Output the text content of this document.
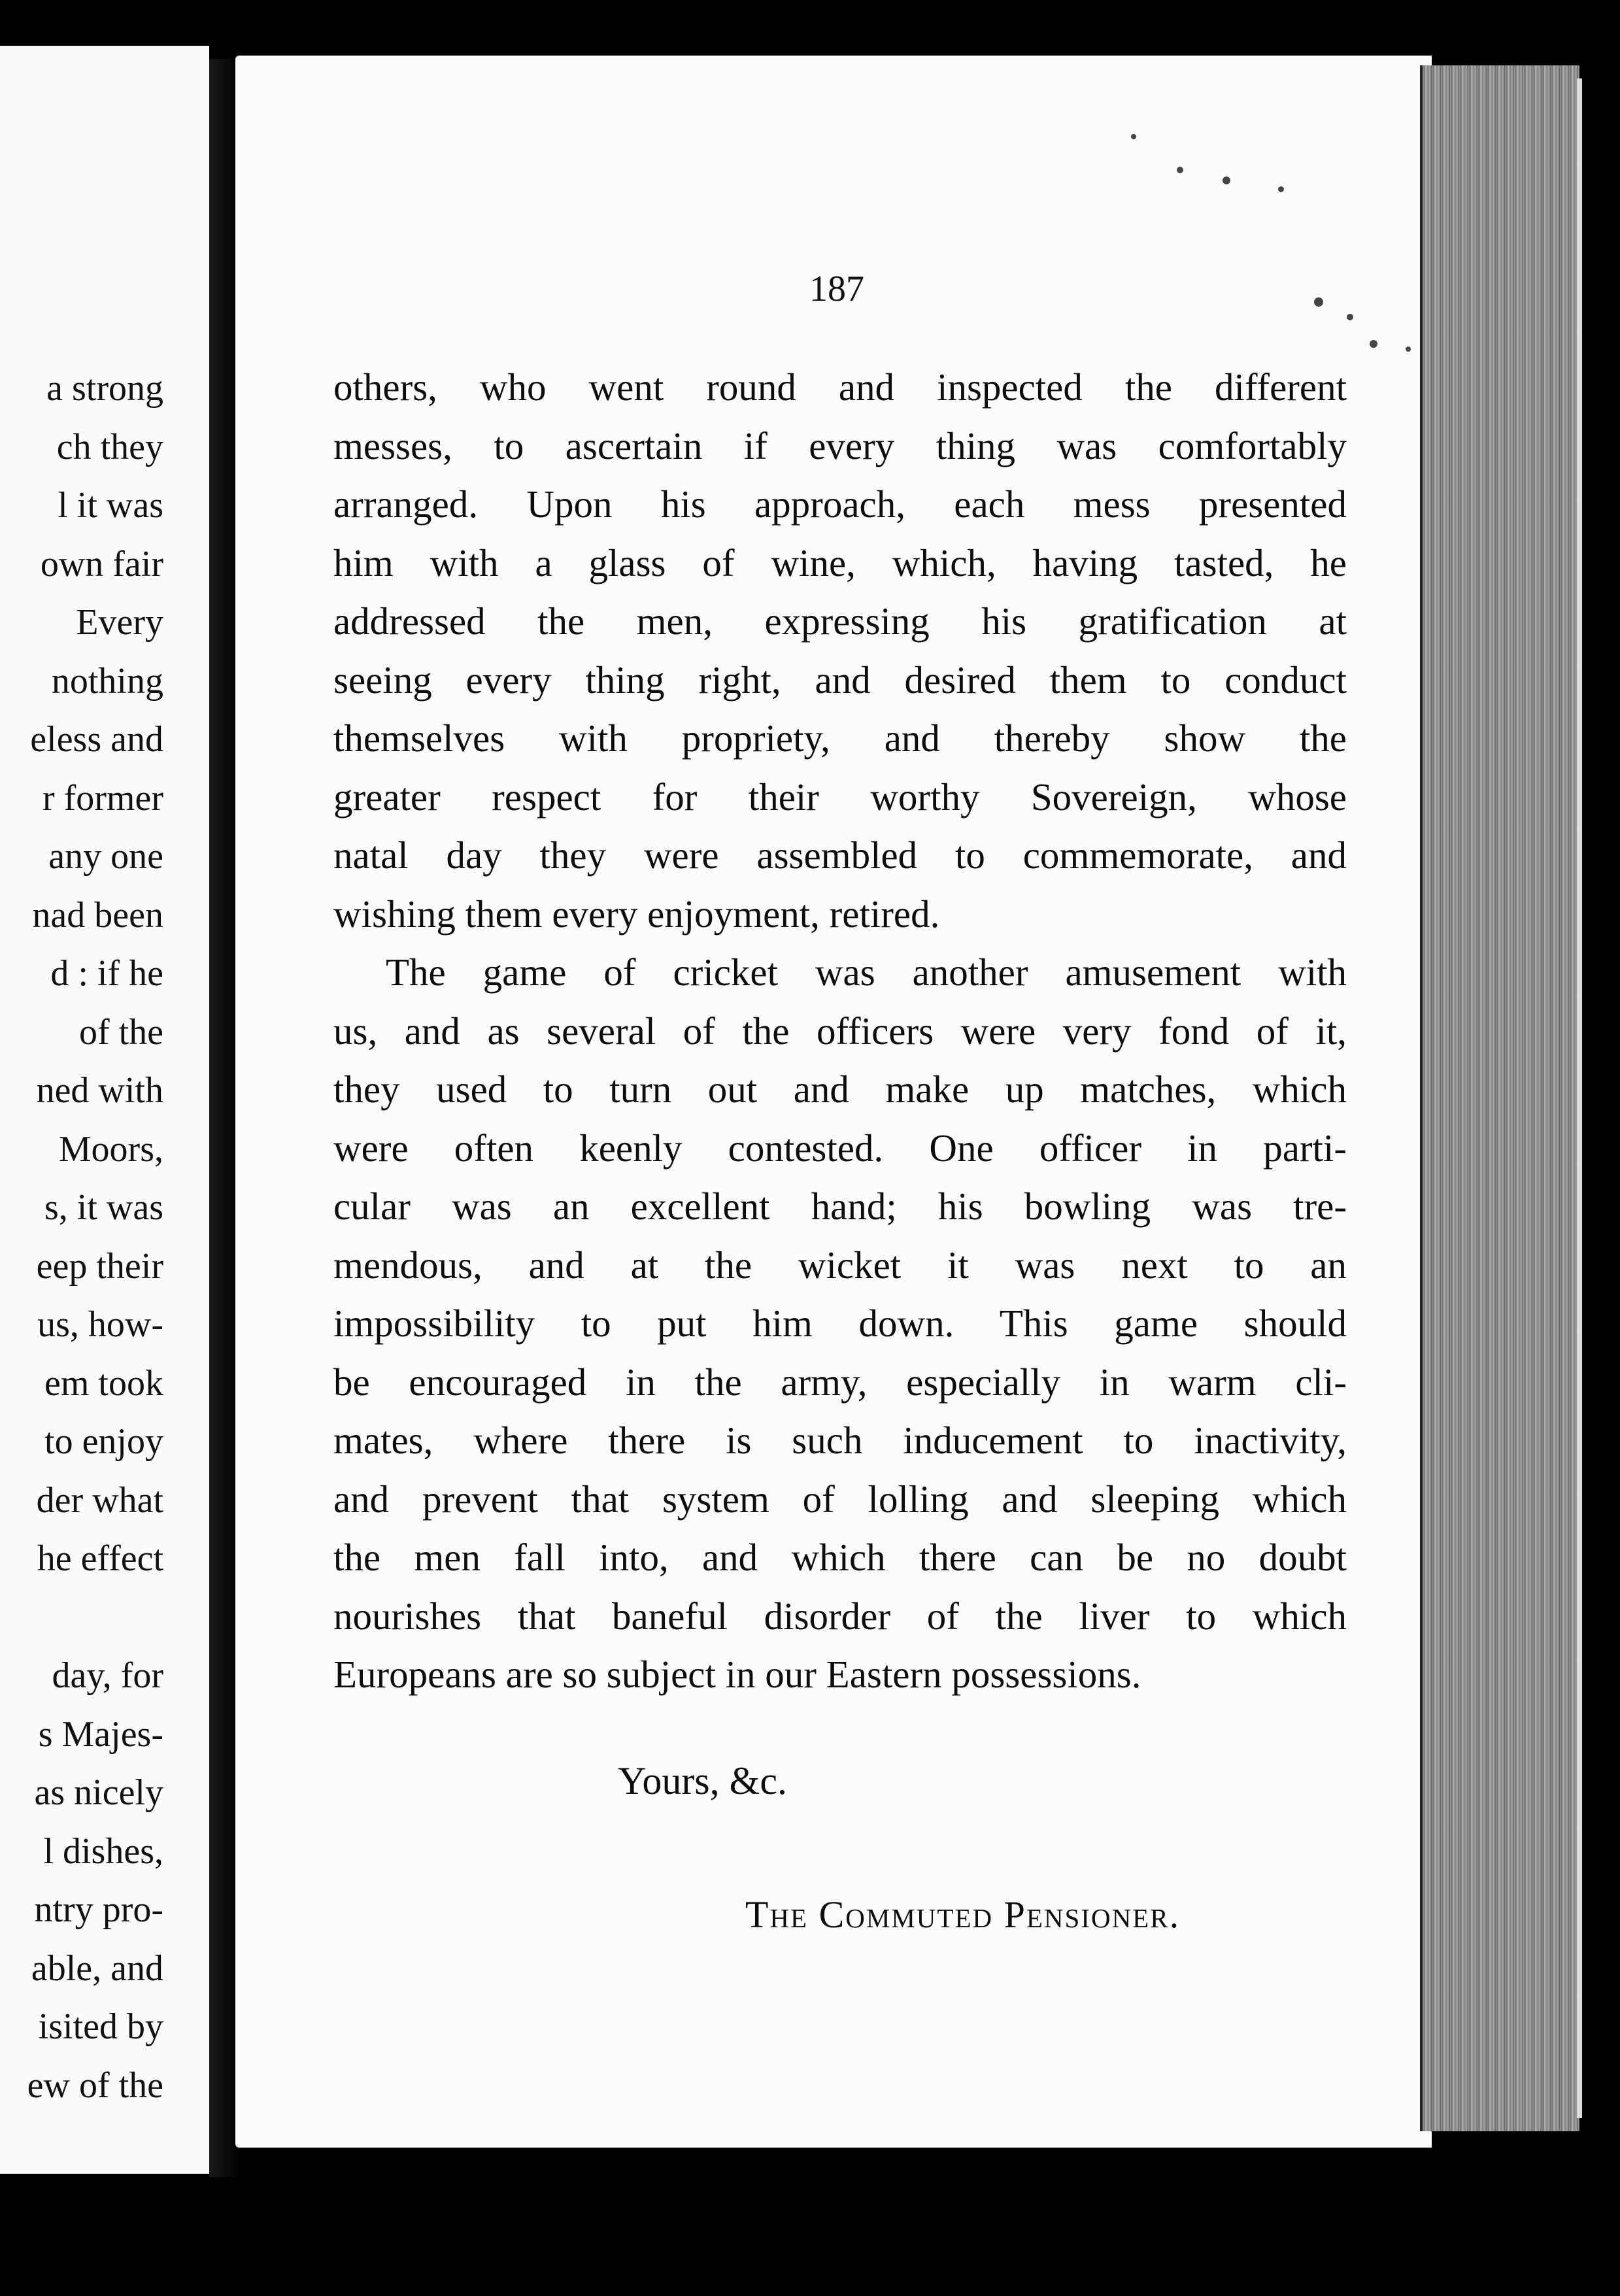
a strong
ch they
l it was
own fair
Every
nothing
eless and
r former
any one
nad been
d : if he
of the
ned with
Moors,
s, it was
eep their
us, how-
em took
to enjoy
der what
he effect
day, for
s Majes-
as nicely
l dishes,
ntry pro-
able, and
isited by
ew of the
187
others, who went round and inspected the different
messes, to ascertain if every thing was comfortably
arranged. Upon his approach, each mess presented
him with a glass of wine, which, having tasted, he
addressed the men, expressing his gratification at
seeing every thing right, and desired them to conduct
themselves with propriety, and thereby show the
greater respect for their worthy Sovereign, whose
natal day they were assembled to commemorate, and
wishing them every enjoyment, retired.
The game of cricket was another amusement with
us, and as several of the officers were very fond of it,
they used to turn out and make up matches, which
were often keenly contested. One officer in parti-
cular was an excellent hand; his bowling was tre-
mendous, and at the wicket it was next to an
impossibility to put him down. This game should
be encouraged in the army, especially in warm cli-
mates, where there is such inducement to inactivity,
and prevent that system of lolling and sleeping which
the men fall into, and which there can be no doubt
nourishes that baneful disorder of the liver to which
Europeans are so subject in our Eastern possessions.
Yours, &c.
The Commuted Pensioner.
